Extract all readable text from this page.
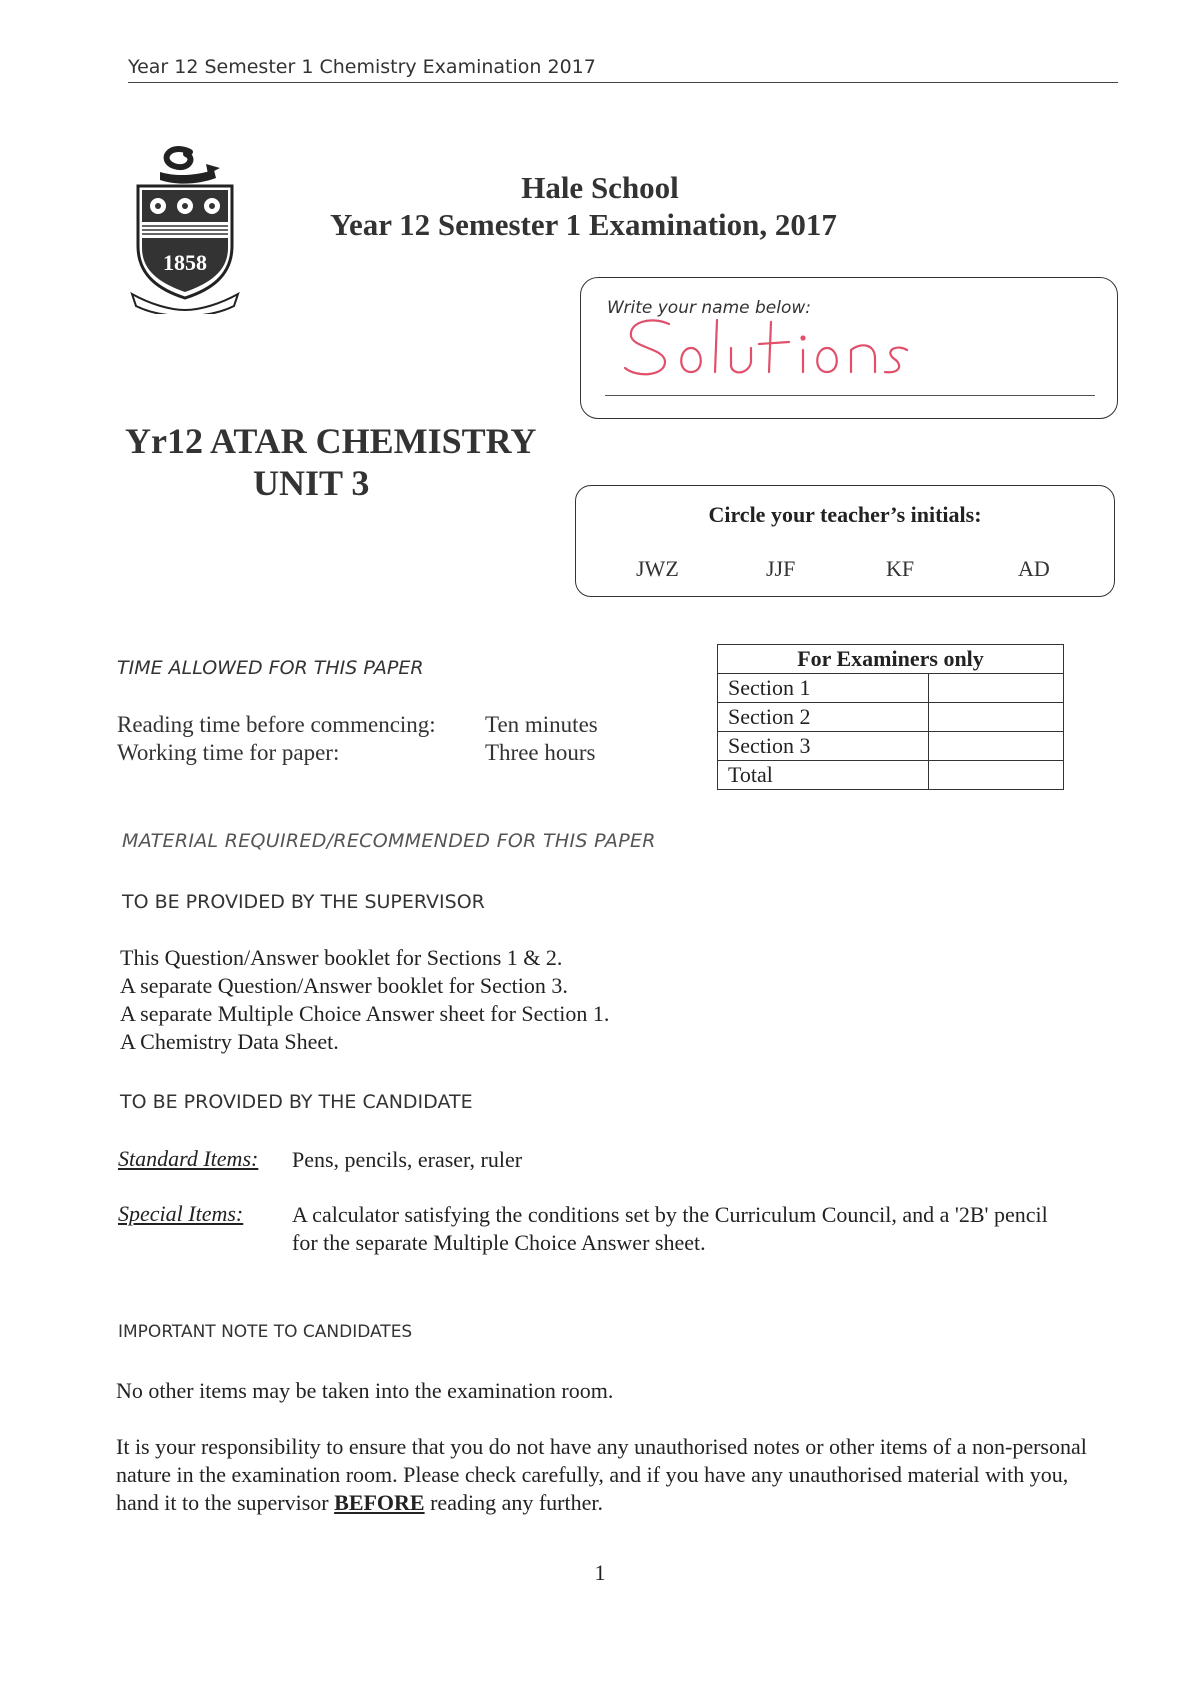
Year 12 Semester 1 Chemistry Examination 2017
1858
Hale School
Year 12 Semester 1 Examination, 2017
Write your name below:
Yr12 ATAR CHEMISTRY
UNIT 3
Circle your teacher’s initials:
JWZ	JJF	KF	AD
TIME ALLOWED FOR THIS PAPER
Reading time before commencing: Ten minutes
Working time for paper:	Three hours
For Examiners only	
Section 1	
Section 2	
Section 3	
Total	
MATERIAL REQUIRED/RECOMMENDED FOR THIS PAPER
TO BE PROVIDED BY THE SUPERVISOR
This Question/Answer booklet for Sections 1 & 2.
A separate Question/Answer booklet for Section 3.
A separate Multiple Choice Answer sheet for Section 1.
A Chemistry Data Sheet.
TO BE PROVIDED BY THE CANDIDATE
Standard Items: Pens, pencils, eraser, ruler
Special Items: A calculator satisfying the conditions set by the Curriculum Council, and a '2B' pencil for the separate Multiple Choice Answer sheet.
IMPORTANT NOTE TO CANDIDATES
No other items may be taken into the examination room.
It is your responsibility to ensure that you do not have any unauthorised notes or other items of a non-personal nature in the examination room. Please check carefully, and if you have any unauthorised material with you, hand it to the supervisor BEFORE reading any further.
1
